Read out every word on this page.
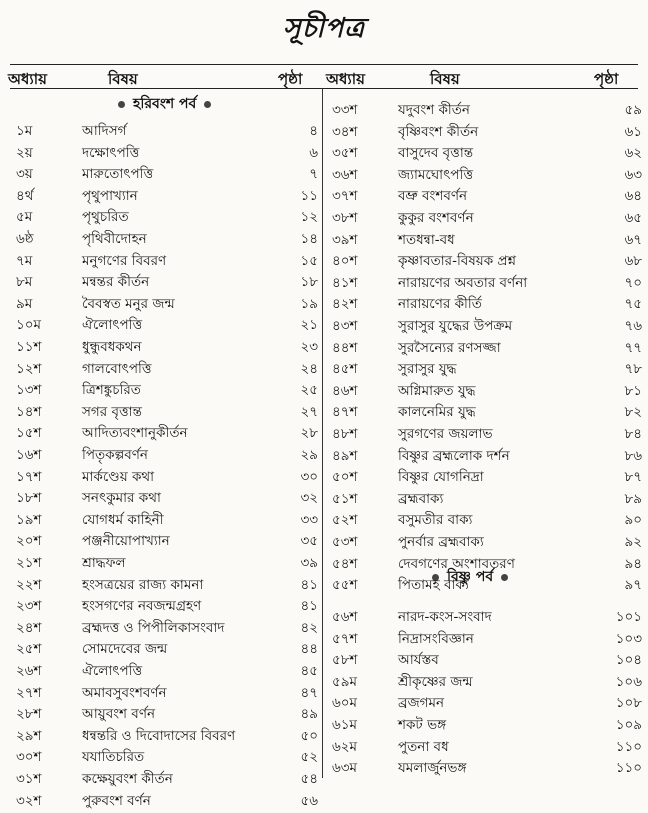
সূচীপত্র
অধ্যায়	বিষয়	পৃষ্ঠা অধ্যায়	বিষয়	পৃষ্ঠা
হরিবংশ পর্ব
বিষ্ণু পর্ব
১ম	আদিসর্গ	৪
২য়	দক্ষোৎপত্তি	৬
৩য়	মারুতোৎপত্তি	৭
৪র্থ	পৃথুপাখ্যান	১১
৫ম	পৃথুচরিত	১২
৬ষ্ঠ	পৃথিবীদোহন	১৪
৭ম	মনুগণের বিবরণ	১৫
৮ম	মন্বন্তর কীর্তন	১৮
৯ম	বৈবস্বত মনুর জন্ম	১৯
১০ম	ঐলোৎপত্তি	২১
১১শ	ধুন্ধুবধকথন	২৩
১২শ	গালবোৎপত্তি	২৪
১৩শ	ত্রিশঙ্কুচরিত	২৫
১৪শ	সগর বৃত্তান্ত	২৭
১৫শ	আদিত্যবংশানুকীর্তন	২৮
১৬শ	পিতৃকল্পবর্ণন	২৯
১৭শ	মার্কণ্ডেয় কথা	৩০
১৮শ	সনৎকুমার কথা	৩২
১৯শ	যোগধর্ম কাহিনী	৩৩
২০শ	পঞ্জনীয়োপাখ্যান	৩৫
২১শ	শ্রাদ্ধফল	৩৯
২২শ	হংসত্রয়ের রাজ্য কামনা	৪১
২৩শ	হংসগণের নবজন্মগ্রহণ	৪১
২৪শ	ব্রহ্মদত্ত ও পিপীলিকাসংবাদ	৪২
২৫শ	সোমদেবের জন্ম	৪৪
২৬শ	ঐলোৎপত্তি	৪৫
২৭শ	অমাবসুবংশবর্ণন	৪৭
২৮শ	আয়ুবংশ বর্ণন	৪৯
২৯শ	ধন্বন্তরি ও দিবোদাসের বিবরণ	৫০
৩০শ	যযাতিচরিত	৫২
৩১শ	কক্ষেয়ুবংশ কীর্তন	৫৪
৩২শ	পুরুবংশ বর্ণন	৫৬
৩৩শ	যদুবংশ কীর্তন	৫৯
৩৪শ	বৃষ্ণিবংশ কীর্তন	৬১
৩৫শ	বাসুদেব বৃত্তান্ত	৬২
৩৬শ	জ্যামঘোৎপত্তি	৬৩
৩৭শ	বভ্রু বংশবর্ণন	৬৪
৩৮শ	কুকুর বংশবর্ণন	৬৫
৩৯শ	শতধন্বা-বধ	৬৭
৪০শ	কৃষ্ণাবতার-বিষয়ক প্রশ্ন	৬৮
৪১শ	নারায়ণের অবতার বর্ণনা	৭০
৪২শ	নারায়ণের কীর্তি	৭৫
৪৩শ	সুরাসুর যুদ্ধের উপক্রম	৭৬
৪৪শ	সুরসৈন্যের রণসজ্জা	৭৭
৪৫শ	সুরাসুর যুদ্ধ	৭৮
৪৬শ	অগ্নিমারুত যুদ্ধ	৮১
৪৭শ	কালনেমির যুদ্ধ	৮২
৪৮শ	সুরগণের জয়লাভ	৮৪
৪৯শ	বিষ্ণুর ব্রহ্মলোক দর্শন	৮৬
৫০শ	বিষ্ণুর যোগনিদ্রা	৮৭
৫১শ	ব্রহ্মবাক্য	৮৯
৫২শ	বসুমতীর বাক্য	৯০
৫৩শ	পুনর্বার ব্রহ্মবাক্য	৯২
৫৪শ	দেবগণের অংশাবতরণ	৯৪
৫৫শ	পিতামহ বাক্য	৯৭
৫৬শ	নারদ-কংস-সংবাদ	১০১
৫৭শ	নিদ্রাসংবিজ্ঞান	১০৩
৫৮শ	আর্যস্তব	১০৪
৫৯ম	শ্রীকৃষ্ণের জন্ম	১০৬
৬০ম	ব্রজগমন	১০৮
৬১ম	শকট ভঙ্গ	১০৯
৬২ম	পুতনা বধ	১১০
৬৩ম	যমলার্জুনভঙ্গ	১১০
